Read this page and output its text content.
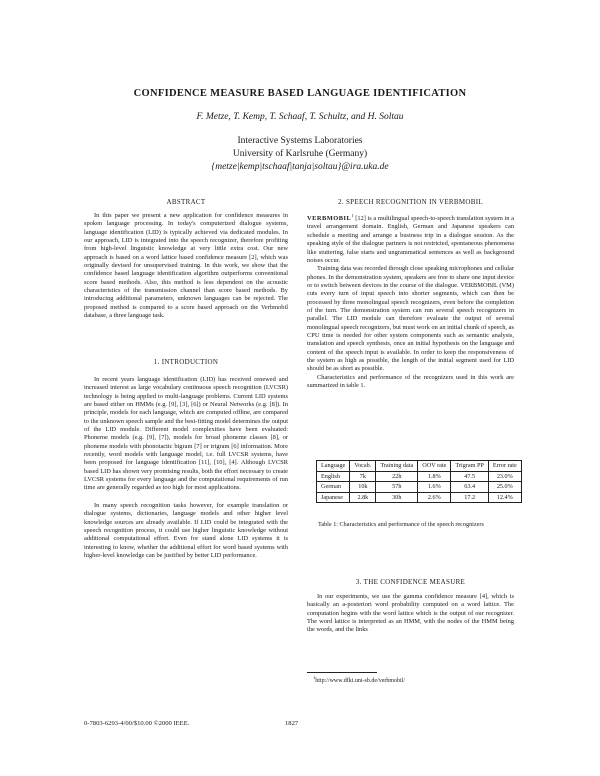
CONFIDENCE MEASURE BASED LANGUAGE IDENTIFICATION
F. Metze, T. Kemp, T. Schaaf, T. Schultz, and H. Soltau
Interactive Systems Laboratories
University of Karlsruhe (Germany)
{metze|kemp|tschaaf|tanja|soltau}@ira.uka.de
ABSTRACT

In this paper we present a new application for confidence measures in spoken language processing. In today's computerized dialogue systems, language identification (LID) is typically achieved via dedicated modules. In our approach, LID is integrated into the speech recognizer, therefore profiting from high-level linguistic knowledge at very little extra cost. Our new approach is based on a word lattice based confidence measure [2], which was originally devised for unsupervised training. In this work, we show that the confidence based language identification algorithm outperforms conventional score based methods. Also, this method is less dependent on the acoustic characteristics of the transmission channel than score based methods. By introducing additional parameters, unknown languages can be rejected. The proposed method is compared to a score based approach on the Verbmobil database, a three language task.

1. INTRODUCTION

In recent years language identification (LID) has received renewed and increased interest as large vocabulary continuous speech recognition (LVCSR) technology is being applied to multi-language problems. Current LID systems are based either on HMMs (e.g. [9], [3], [6]) or Neural Networks (e.g. [8]). In principle, models for each language, which are computed offline, are compared to the unknown speech sample and the best-fitting model determines the output of the LID module. Different model complexities have been evaluated: Phoneme models (e.g. [9], [7]), models for broad phoneme classes [8], or phoneme models with phonotactic bigram [7] or trigram [6] information. More recently, word models with language model, i.e. full LVCSR systems, have been proposed for language identification [11], [10], [4]. Although LVCSR based LID has shown very promising results, both the effort necessary to create LVCSR systems for every language and the computational requirements of run time are generally regarded as too high for most applications.

In many speech recognition tasks however, for example translation or dialogue systems, dictionaries, language models and other higher level knowledge sources are already available. If LID could be integrated with the speech recognition process, it could use higher linguistic knowledge without additional computational effort. Even for stand alone LID systems it is interesting to know, whether the additional effort for word based systems with higher-level knowledge can be justified by better LID performance.

2. SPEECH RECOGNITION IN VERBMOBIL

VERBMOBIL$^1$ [12] is a multilingual speech-to-speech translation system in a travel arrangement domain. English, German and Japanese speakers can schedule a meeting and arrange a business trip in a dialogue session. As the speaking style of the dialogue partners is not restricted, spontaneous phenomena like stuttering, false starts and ungrammatical sentences as well as background noises occur.

Training data was recorded through close speaking microphones and cellular phones. In the demonstration system, speakers are free to share one input device or to switch between devices in the course of the dialogue. VERBMOBIL (VM) cuts every turn of input speech into shorter segments, which can then be processed by three monolingual speech recognizers, even before the completion of the turn. The demonstration system can run several speech recognizers in parallel. The LID module can therefore evaluate the output of several monolingual speech recognizers, but must work on an initial chunk of speech, as CPU time is needed for other system components such as semantic analysis, translation and speech synthesis, once an initial hypothesis on the language and content of the speech input is available. In order to keep the responsiveness of the system as high as possible, the length of the initial segment used for LID should be as short as possible.

Characteristics and performance of the recognizers used in this work are summarized in table 1.

Language	Vocab.	Training data	OOV rate	Trigram PP	Error rate
English	7k	22h	1.8%	47.5	23.0%
German	10k	57h	1.6%	63.4	25.0%
Japanese	2.8k	30h	2.6%	17.2	12.4%
Table 1: Characteristics and performance of the speech recognizers
3. THE CONFIDENCE MEASURE

In our experiments, we use the gamma confidence measure [4], which is basically an a-posteriori word probability computed on a word lattice. The computation begins with the word lattice which is the output of our recognizer. The word lattice is interpreted as an HMM, with the nodes of the HMM being the words, and the links

$^1$http://www.dfki.uni-sb.de/verbmobil/
0-7803-6293-4/00/$10.00 ©2000 IEEE.	1827
